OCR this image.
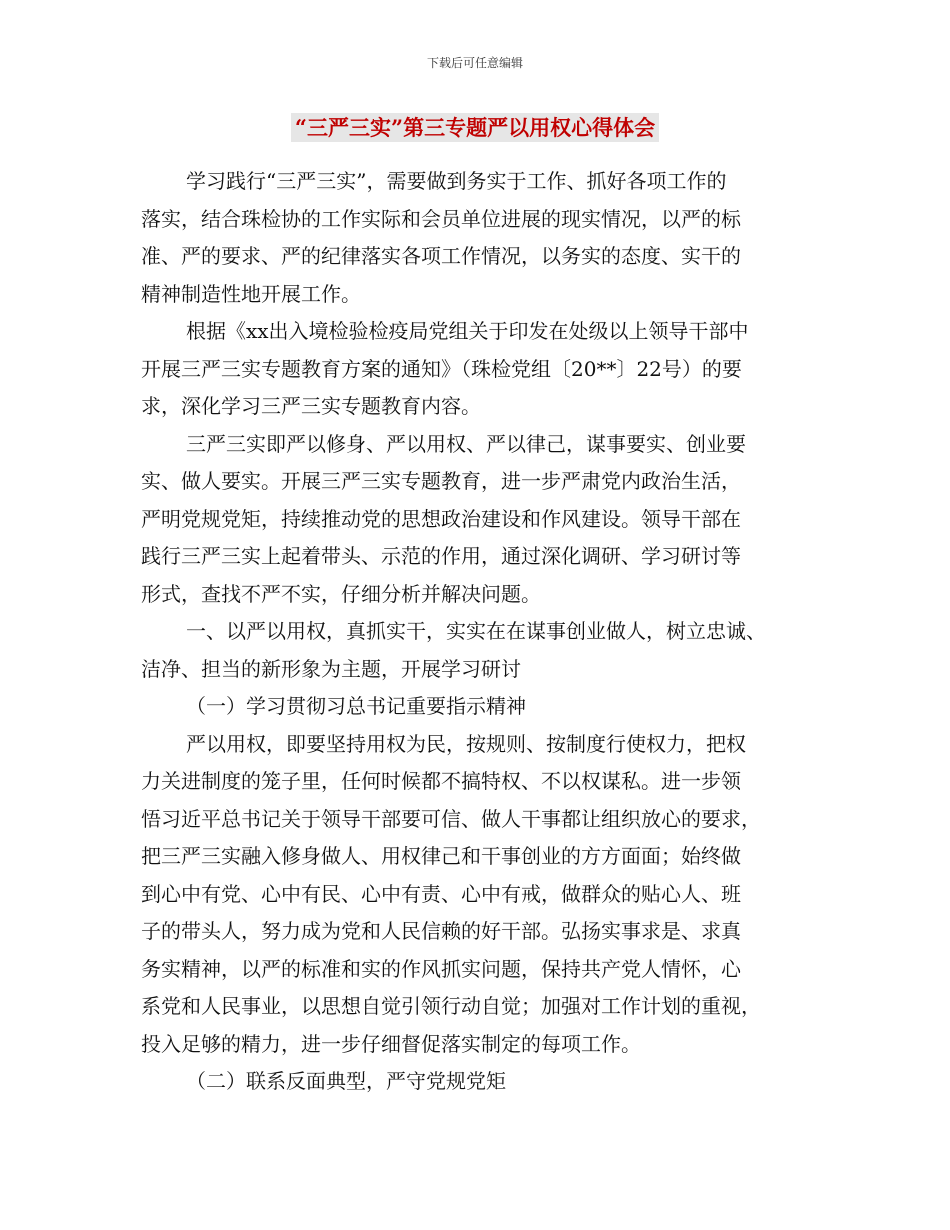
下载后可任意编辑
“三严三实”第三专题严以用权心得体会
学习践行“三严三实”，需要做到务实于工作、抓好各项工作的
落实，结合珠检协的工作实际和会员单位进展的现实情况，以严的标
准、严的要求、严的纪律落实各项工作情况，以务实的态度、实干的
精神制造性地开展工作。
根据《xx出入境检验检疫局党组关于印发在处级以上领导干部中
开展三严三实专题教育方案的通知》（珠检党组〔20**〕22号）的要
求，深化学习三严三实专题教育内容。
三严三实即严以修身、严以用权、严以律己，谋事要实、创业要
实、做人要实。开展三严三实专题教育，进一步严肃党内政治生活，
严明党规党矩，持续推动党的思想政治建设和作风建设。领导干部在
践行三严三实上起着带头、示范的作用，通过深化调研、学习研讨等
形式，查找不严不实，仔细分析并解决问题。
一、以严以用权，真抓实干，实实在在谋事创业做人，树立忠诚、
洁净、担当的新形象为主题，开展学习研讨
（一）学习贯彻习总书记重要指示精神
严以用权，即要坚持用权为民，按规则、按制度行使权力，把权
力关进制度的笼子里，任何时候都不搞特权、不以权谋私。进一步领
悟习近平总书记关于领导干部要可信、做人干事都让组织放心的要求，
把三严三实融入修身做人、用权律己和干事创业的方方面面；始终做
到心中有党、心中有民、心中有责、心中有戒，做群众的贴心人、班
子的带头人，努力成为党和人民信赖的好干部。弘扬实事求是、求真
务实精神，以严的标准和实的作风抓实问题，保持共产党人情怀，心
系党和人民事业，以思想自觉引领行动自觉；加强对工作计划的重视，
投入足够的精力，进一步仔细督促落实制定的每项工作。
（二）联系反面典型，严守党规党矩
